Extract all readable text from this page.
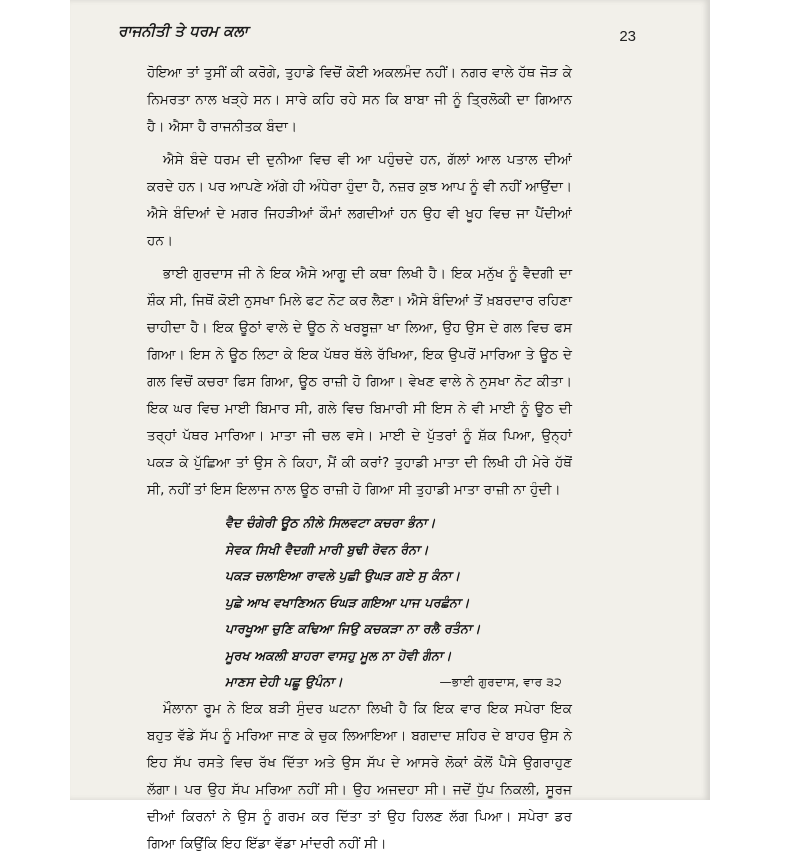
ਰਾਜਨੀਤੀ ਤੇ ਧਰਮ ਕਲਾ	23

ਹੋਇਆ ਤਾਂ ਤੁਸੀਂ ਕੀ ਕਰੋਗੇ, ਤੁਹਾਡੇ ਵਿਚੋਂ ਕੋਈ ਅਕਲਮੰਦ ਨਹੀਂ। ਨਗਰ ਵਾਲੇ ਹੱਥ ਜੋੜ ਕੇ ਨਿਮਰਤਾ ਨਾਲ ਖੜ੍ਹੇ ਸਨ। ਸਾਰੇ ਕਹਿ ਰਹੇ ਸਨ ਕਿ ਬਾਬਾ ਜੀ ਨੂੰ ਤ੍ਰਿਲੋਕੀ ਦਾ ਗਿਆਨ ਹੈ। ਐਸਾ ਹੈ ਰਾਜਨੀਤਕ ਬੰਦਾ।

ਐਸੇ ਬੰਦੇ ਧਰਮ ਦੀ ਦੁਨੀਆ ਵਿਚ ਵੀ ਆ ਪਹੁੰਚਦੇ ਹਨ, ਗੱਲਾਂ ਆਲ ਪਤਾਲ ਦੀਆਂ ਕਰਦੇ ਹਨ। ਪਰ ਆਪਣੇ ਅੱਗੇ ਹੀ ਅੰਧੇਰਾ ਹੁੰਦਾ ਹੈ, ਨਜ਼ਰ ਕੁਝ ਆਪ ਨੂੰ ਵੀ ਨਹੀਂ ਆਉਂਦਾ। ਐਸੇ ਬੰਦਿਆਂ ਦੇ ਮਗਰ ਜਿਹੜੀਆਂ ਕੌਮਾਂ ਲਗਦੀਆਂ ਹਨ ਉਹ ਵੀ ਖੂਹ ਵਿਚ ਜਾ ਪੈਂਦੀਆਂ ਹਨ।

ਭਾਈ ਗੁਰਦਾਸ ਜੀ ਨੇ ਇਕ ਐਸੇ ਆਗੂ ਦੀ ਕਥਾ ਲਿਖੀ ਹੈ। ਇਕ ਮਨੁੱਖ ਨੂੰ ਵੈਦਗੀ ਦਾ ਸ਼ੌਕ ਸੀ, ਜਿਥੋਂ ਕੋਈ ਨੁਸਖਾ ਮਿਲੇ ਫਟ ਨੋਟ ਕਰ ਲੈਣਾ। ਐਸੇ ਬੰਦਿਆਂ ਤੋਂ ਖ਼ਬਰਦਾਰ ਰਹਿਣਾ ਚਾਹੀਦਾ ਹੈ। ਇਕ ਊਠਾਂ ਵਾਲੇ ਦੇ ਊਠ ਨੇ ਖਰਬੂਜ਼ਾ ਖਾ ਲਿਆ, ਉਹ ਉਸ ਦੇ ਗਲ ਵਿਚ ਫਸ ਗਿਆ। ਇਸ ਨੇ ਊਠ ਲਿਟਾ ਕੇ ਇਕ ਪੱਥਰ ਥੱਲੇ ਰੱਖਿਆ, ਇਕ ਉਪਰੋਂ ਮਾਰਿਆ ਤੇ ਊਠ ਦੇ ਗਲ ਵਿਚੋਂ ਕਚਰਾ ਫਿਸ ਗਿਆ, ਊਠ ਰਾਜ਼ੀ ਹੋ ਗਿਆ। ਵੇਖਣ ਵਾਲੇ ਨੇ ਨੁਸਖਾ ਨੋਟ ਕੀਤਾ। ਇਕ ਘਰ ਵਿਚ ਮਾਈ ਬਿਮਾਰ ਸੀ, ਗਲੇ ਵਿਚ ਬਿਮਾਰੀ ਸੀ ਇਸ ਨੇ ਵੀ ਮਾਈ ਨੂੰ ਊਠ ਦੀ ਤਰ੍ਹਾਂ ਪੱਥਰ ਮਾਰਿਆ। ਮਾਤਾ ਜੀ ਚਲ ਵਸੇ। ਮਾਈ ਦੇ ਪੁੱਤਰਾਂ ਨੂੰ ਸ਼ੱਕ ਪਿਆ, ਉਨ੍ਹਾਂ ਪਕੜ ਕੇ ਪੁੱਛਿਆ ਤਾਂ ਉਸ ਨੇ ਕਿਹਾ, ਮੈਂ ਕੀ ਕਰਾਂ? ਤੁਹਾਡੀ ਮਾਤਾ ਦੀ ਲਿਖੀ ਹੀ ਮੇਰੇ ਹੱਥੋਂ ਸੀ, ਨਹੀਂ ਤਾਂ ਇਸ ਇਲਾਜ ਨਾਲ ਊਠ ਰਾਜ਼ੀ ਹੋ ਗਿਆ ਸੀ ਤੁਹਾਡੀ ਮਾਤਾ ਰਾਜ਼ੀ ਨਾ ਹੁੰਦੀ।

ਵੈਦ ਚੰਗੇਰੀ ਊਠ ਨੀਲੇ ਸਿਲਵਟਾ ਕਚਰਾ ਭੰਨਾ।
ਸੇਵਕ ਸਿਖੀ ਵੈਦਗੀ ਮਾਰੀ ਬੁਢੀ ਰੋਵਨ ਰੰਨਾ।
ਪਕੜ ਚਲਾਇਆ ਰਾਵਲੇ ਪੁਛੀ ਉਘੜ ਗਏ ਸੁ ਕੰਨਾ।
ਪੁਛੇ ਆਖ ਵਖਾਣਿਅਨ ਓਘੜ ਗਇਆ ਪਾਜ ਪਰਛੰਨਾ।
ਪਾਰਖੂਆ ਚੁਣਿ ਕਢਿਆ ਜਿਉ ਕਚਕੜਾ ਨਾ ਰਲੈ ਰਤੰਨਾ।
ਮੂਰਖ ਅਕਲੀ ਬਾਹਰਾ ਵਾਸਹੁ ਮੂਲ ਨਾ ਹੋਵੀ ਗੰਨਾ।
ਮਾਣਸ ਦੇਹੀ ਪਛੂ ਉਪੰਨਾ।	—ਭਾਈ ਗੁਰਦਾਸ, ਵਾਰ ੩੨

ਮੌਲਾਨਾ ਰੂਮ ਨੇ ਇਕ ਬੜੀ ਸੁੰਦਰ ਘਟਨਾ ਲਿਖੀ ਹੈ ਕਿ ਇਕ ਵਾਰ ਇਕ ਸਪੇਰਾ ਇਕ ਬਹੁਤ ਵੱਡੇ ਸੱਪ ਨੂੰ ਮਰਿਆ ਜਾਣ ਕੇ ਚੁਕ ਲਿਆਇਆ। ਬਗਦਾਦ ਸ਼ਹਿਰ ਦੇ ਬਾਹਰ ਉਸ ਨੇ ਇਹ ਸੱਪ ਰਸਤੇ ਵਿਚ ਰੱਖ ਦਿੱਤਾ ਅਤੇ ਉਸ ਸੱਪ ਦੇ ਆਸਰੇ ਲੋਕਾਂ ਕੋਲੋਂ ਪੈਸੇ ਉਗਰਾਹੁਣ ਲੱਗਾ। ਪਰ ਉਹ ਸੱਪ ਮਰਿਆ ਨਹੀਂ ਸੀ। ਉਹ ਅਜਦਹਾ ਸੀ। ਜਦੋਂ ਧੁੱਪ ਨਿਕਲੀ, ਸੂਰਜ ਦੀਆਂ ਕਿਰਨਾਂ ਨੇ ਉਸ ਨੂੰ ਗਰਮ ਕਰ ਦਿੱਤਾ ਤਾਂ ਉਹ ਹਿਲਣ ਲੱਗ ਪਿਆ। ਸਪੇਰਾ ਡਰ ਗਿਆ ਕਿਉਂਕਿ ਇਹ ਇੱਡਾ ਵੱਡਾ ਮਾਂਦਰੀ ਨਹੀਂ ਸੀ।
